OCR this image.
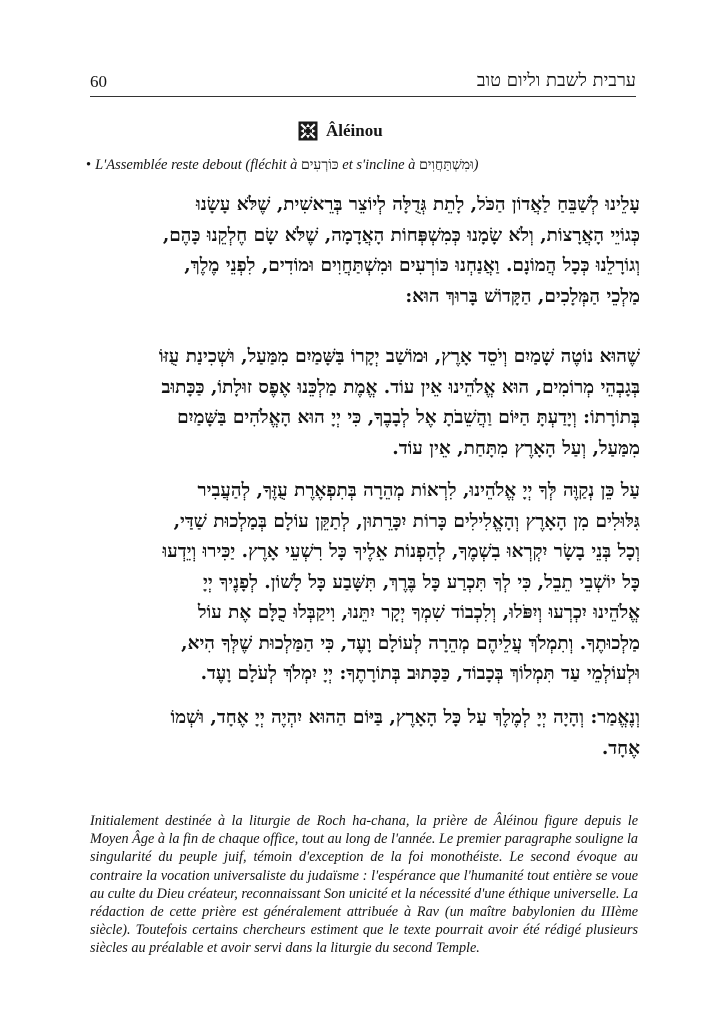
60	ערבית לשבת וליום טוב
Âléinou
• L'Assemblée reste debout (fléchit à כּוֹרְעִים et s'incline à וּמִשְׁתַּחֲוִים)
עָלֵינוּ לְשַׁבֵּחַ לַאֲדוֹן הַכֹּל, לָתֵת גְּדֻלָּה לְיוֹצֵר בְּרֵאשִׁית, שֶׁלֹּא עָשָׂנוּ
כְּגוֹיֵי הָאֲרָצוֹת, וְלֹא שָׂמָנוּ כְּמִשְׁפְּחוֹת הָאֲדָמָה, שֶׁלֹּא שָׂם חֶלְקֵנוּ כָּהֶם,
וְגוֹרָלֵנוּ כְּכָל הֲמוֹנָם. וַאֲנַחְנוּ כּוֹרְעִים וּמִשְׁתַּחֲוִים וּמוֹדִים, לִפְנֵי מֶלֶךְ,
מַלְכֵי הַמְּלָכִים, הַקָּדוֹשׁ בָּרוּךְ הוּא:
שֶׁהוּא נוֹטֶה שָׁמַיִם וְיֹסֵד אָרֶץ, וּמוֹשַׁב יְקָרוֹ בַּשָּׁמַיִם מִמַּעַל, וּשְׁכִינַת עֻזּוֹ
בְּגָבְהֵי מְרוֹמִים, הוּא אֱלֹהֵינוּ אֵין עוֹד. אֱמֶת מַלְכֵּנוּ אֶפֶס זוּלָתוֹ, כַּכָּתוּב
בְּתוֹרָתוֹ: וְיָדַעְתָּ הַיּוֹם וַהֲשֵׁבֹתָ אֶל לְבָבֶךָ, כִּי יְיָ הוּא הָאֱלֹהִים בַּשָּׁמַיִם
מִמַּעַל, וְעַל הָאָרֶץ מִתָּחַת, אֵין עוֹד.
עַל כֵּן נְקַוֶּה לְּךָ יְיָ אֱלֹהֵינוּ, לִרְאוֹת מְהֵרָה בְּתִפְאֶרֶת עֻזֶּךָ, לְהַעֲבִיר
גִּלּוּלִים מִן הָאָרֶץ וְהָאֱלִילִים כָּרוֹת יִכָּרֵתוּן, לְתַקֵּן עוֹלָם בְּמַלְכוּת שַׁדַּי,
וְכָל בְּנֵי בָשָׂר יִקְרְאוּ בִשְׁמֶךָ, לְהַפְנוֹת אֵלֶיךָ כָּל רִשְׁעֵי אָרֶץ. יַכִּירוּ וְיֵדְעוּ
כָּל יוֹשְׁבֵי תֵבֵל, כִּי לְךָ תִּכְרַע כָּל בֶּרֶךְ, תִּשָּׁבַע כָּל לָשׁוֹן. לְפָנֶיךָ יְיָ
אֱלֹהֵינוּ יִכְרְעוּ וְיִפֹּלוּ, וְלִכְבוֹד שִׁמְךָ יְקָר יִתֵּנוּ, וִיקַבְּלוּ כֻלָּם אֶת עוֹל
מַלְכוּתֶךָ. וְתִמְלֹךְ עֲלֵיהֶם מְהֵרָה לְעוֹלָם וָעֶד, כִּי הַמַּלְכוּת שֶׁלְּךָ הִיא,
וּלְעוֹלְמֵי עַד תִּמְלוֹךְ בְּכָבוֹד, כַּכָּתוּב בְּתוֹרָתֶךָ: יְיָ יִמְלֹךְ לְעֹלָם וָעֶד.
וְנֶאֱמַר: וְהָיָה יְיָ לְמֶלֶךְ עַל כָּל הָאָרֶץ, בַּיּוֹם הַהוּא יִהְיֶה יְיָ אֶחָד, וּשְׁמוֹ
אֶחָד.
Initialement destinée à la liturgie de Roch ha-chana, la prière de Âléinou figure depuis le Moyen Âge à la fin de chaque office, tout au long de l'année. Le premier paragraphe souligne la singularité du peuple juif, témoin d'exception de la foi monothéiste. Le second évoque au contraire la vocation universaliste du judaïsme : l'espérance que l'humanité tout entière se voue au culte du Dieu créateur, reconnaissant Son unicité et la nécessité d'une éthique universelle. La rédaction de cette prière est généralement attribuée à Rav (un maître babylonien du IIIème siècle). Toutefois certains chercheurs estiment que le texte pourrait avoir été rédigé plusieurs siècles au préalable et avoir servi dans la liturgie du second Temple.
